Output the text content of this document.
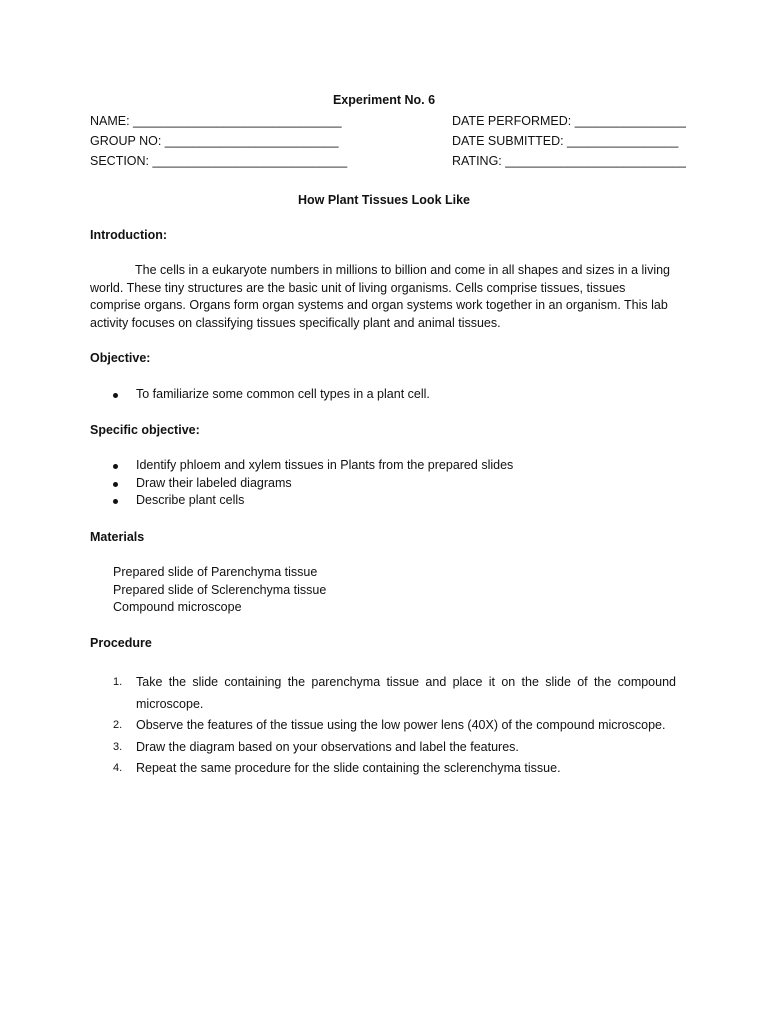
Experiment No. 6
NAME: ______________________________
GROUP NO: _________________________
SECTION: ____________________________
DATE PERFORMED: ________________
DATE SUBMITTED: ________________
RATING: __________________________
How Plant Tissues Look Like
Introduction:
The cells in a eukaryote numbers in millions to billion and come in all shapes and sizes in a living world. These tiny structures are the basic unit of living organisms. Cells comprise tissues, tissues comprise organs. Organs form organ systems and organ systems work together in an organism. This lab activity focuses on classifying tissues specifically plant and animal tissues.
Objective:
To familiarize some common cell types in a plant cell.
Specific objective:
Identify phloem and xylem tissues in Plants from the prepared slides
Draw their labeled diagrams
Describe plant cells
Materials
Prepared slide of Parenchyma tissue
Prepared slide of Sclerenchyma tissue
Compound microscope
Procedure
1. Take the slide containing the parenchyma tissue and place it on the slide of the compound microscope.
2. Observe the features of the tissue using the low power lens (40X) of the compound microscope.
3. Draw the diagram based on your observations and label the features.
4. Repeat the same procedure for the slide containing the sclerenchyma tissue.
